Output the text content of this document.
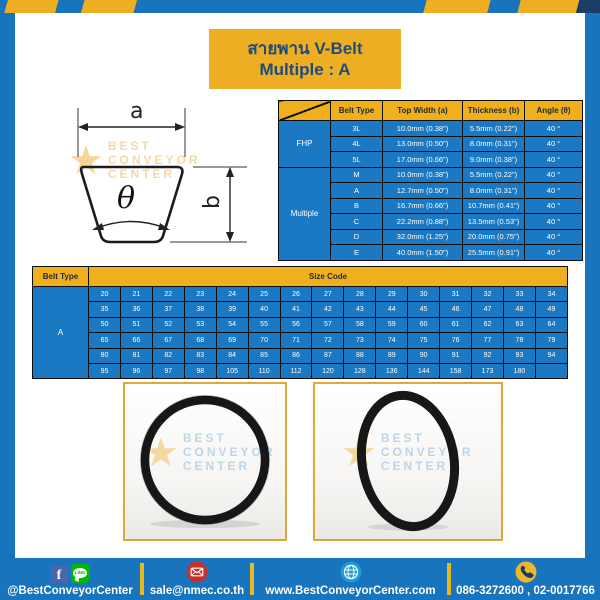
สายพาน V-Belt
Multiple : A
★ BEST
CONVEYOR
CENTER
a
θ	b
	Belt Type	Top Width (a)	Thickness (b)	Angle (θ)
FHP	3L	10.0mm (0.38")	5.5mm (0.22")	40 °
	4L	13.0mm (0.50")	8.0mm (0.31")	40 °
	5L	17.0mm (0.66")	9.0mm (0.38")	40 °
Multiple	M	10.0mm (0.38")	5.5mm (0.22")	40 °
	A	12.7mm (0.50")	8.0mm (0.31")	40 °
	B	16.7mm (0.66")	10.7mm (0.41")	40 °
	C	22.2mm (0.88")	13.5mm (0.53")	40 °
	D	32.0mm (1.25")	20.0mm (0.75")	40 °
	E	40.0mm (1.50")	25.5mm (0.91")	40 °
Belt Type	Size Code														
A	20	21	22	23	24	25	26	27	28	29	30	31	32	33	34
	35	36	37	38	39	40	41	42	43	44	45	46	47	48	49
	50	51	52	53	54	55	56	57	58	59	60	61	62	63	64
	65	66	67	68	69	70	71	72	73	74	75	76	77	78	79
	80	81	82	83	84	85	86	87	88	89	90	91	92	93	94
	95	96	97	98	105	110	112	120	128	136	144	158	173	180	
★ BEST
CONVEYOR
CENTER	★ BEST
CONVEYOR
CENTER
f	LINE
@BestConveyorCenter sale@nmec.co.th www.BestConveyorCenter.com 086-3272600 , 02-0017766
